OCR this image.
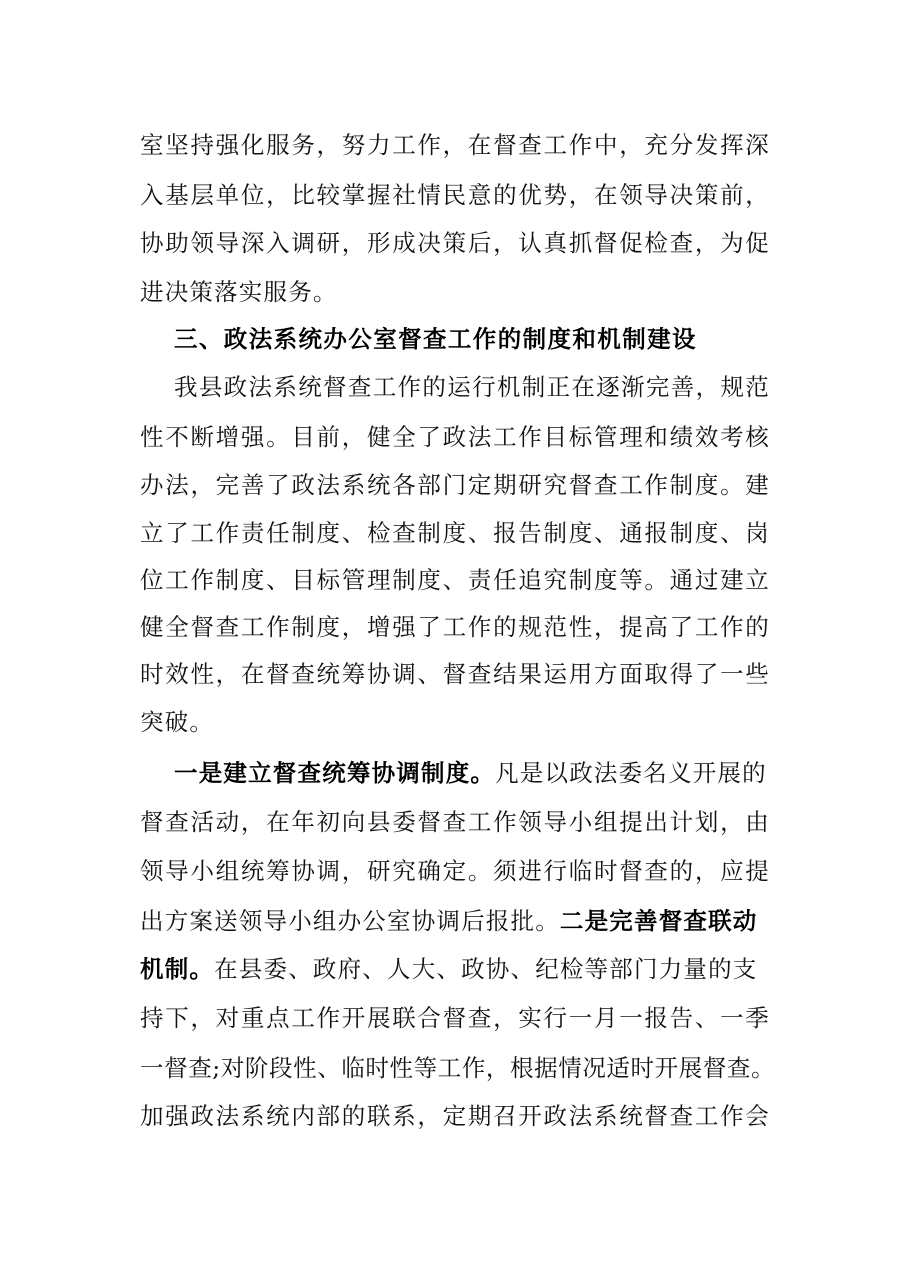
室坚持强化服务，努力工作，在督查工作中，充分发挥深
入基层单位，比较掌握社情民意的优势，在领导决策前，
协助领导深入调研，形成决策后，认真抓督促检查，为促
进决策落实服务。
三、政法系统办公室督查工作的制度和机制建设
我县政法系统督查工作的运行机制正在逐渐完善，规范
性不断增强。目前，健全了政法工作目标管理和绩效考核
办法，完善了政法系统各部门定期研究督查工作制度。建
立了工作责任制度、检查制度、报告制度、通报制度、岗
位工作制度、目标管理制度、责任追究制度等。通过建立
健全督查工作制度，增强了工作的规范性，提高了工作的
时效性，在督查统筹协调、督查结果运用方面取得了一些
突破。
一是建立督查统筹协调制度。凡是以政法委名义开展的
督查活动，在年初向县委督查工作领导小组提出计划，由
领导小组统筹协调，研究确定。须进行临时督查的，应提
出方案送领导小组办公室协调后报批。二是完善督查联动
机制。在县委、政府、人大、政协、纪检等部门力量的支
持下，对重点工作开展联合督查，实行一月一报告、一季
一督查;对阶段性、临时性等工作，根据情况适时开展督查。
加强政法系统内部的联系，定期召开政法系统督查工作会
